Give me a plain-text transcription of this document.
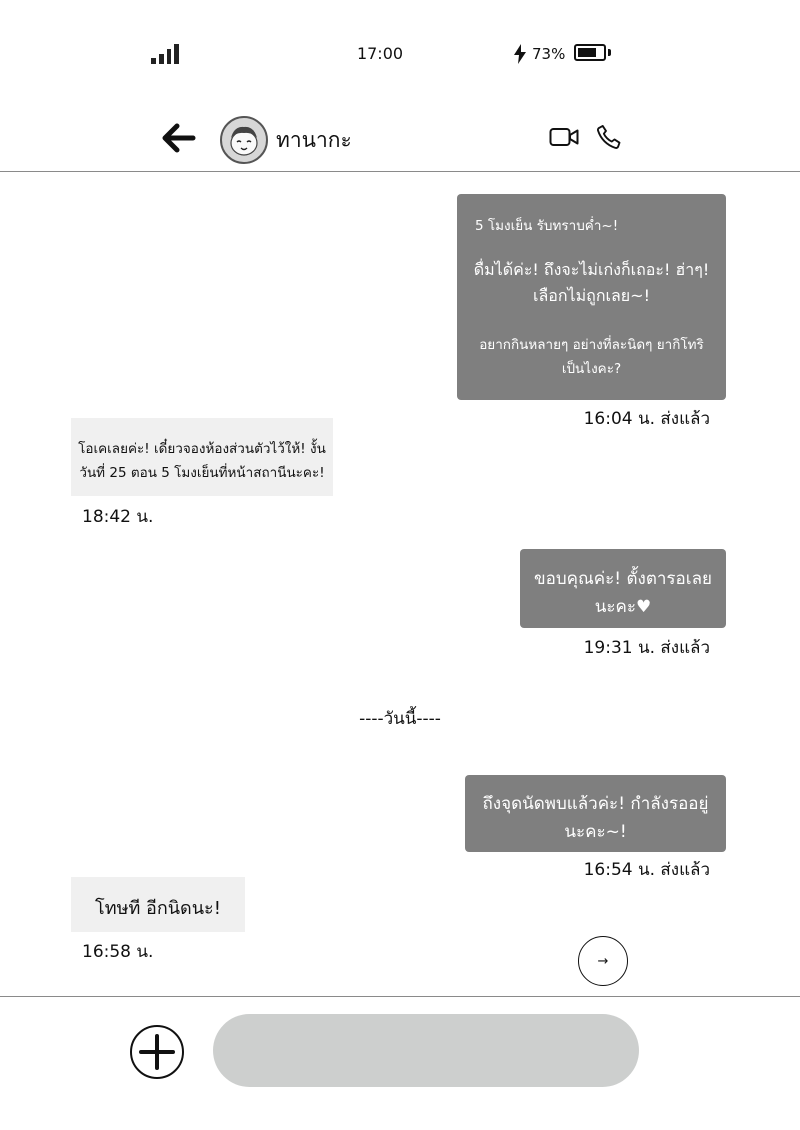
17:00	73%
ทานากะ
5 โมงเย็น รับทราบค่ำ~!
ดื่มได้ค่ะ! ถึงจะไม่เก่งก็เถอะ! ฮ่าๆ!
เลือกไม่ถูกเลย~!
อยากกินหลายๆ อย่างที่ละนิดๆ ยากิโทริ
เป็นไงคะ?
16:04 น. ส่งแล้ว
โอเคเลยค่ะ! เดี๋ยวจองห้องส่วนตัวไว้ให้! งั้น
วันที่ 25 ตอน 5 โมงเย็นที่หน้าสถานีนะคะ!
18:42 น.
ขอบคุณค่ะ! ตั้งตารอเลย
นะคะ♥
19:31 น. ส่งแล้ว
----วันนี้----
ถึงจุดนัดพบแล้วค่ะ! กำลังรออยู่
นะคะ~!
16:54 น. ส่งแล้ว
โทษที อีกนิดนะ!
16:58 น.	→
